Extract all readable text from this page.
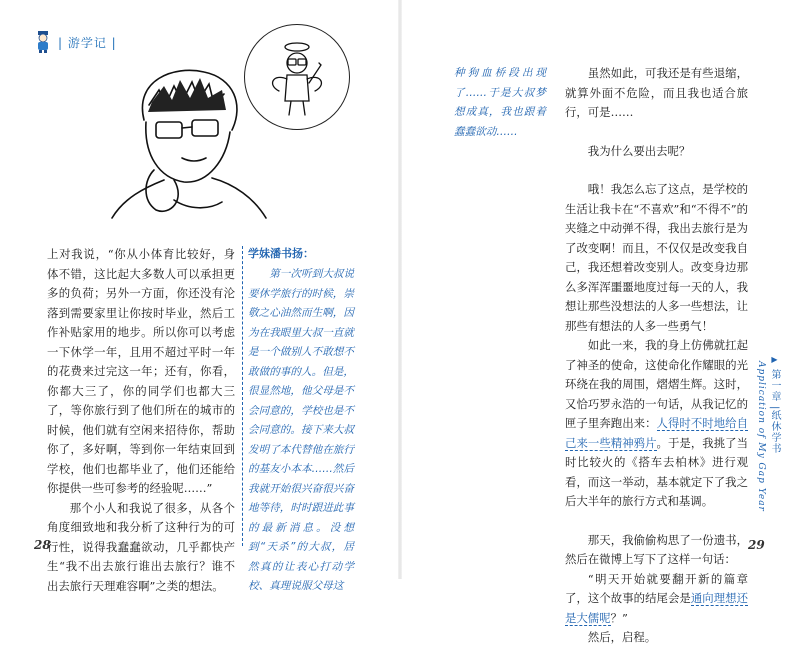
| 游学记 |

上对我说，“你从小体育比较好，身体不错，这比起大多数人可以承担更多的负荷；另外一方面，你还没有沦落到需要家里让你按时毕业，然后工作补贴家用的地步。所以你可以考虑一下休学一年，且用不超过平时一年的花费来过完这一年；还有，你看，你都大三了，你的同学们也都大三了，等你旅行到了他们所在的城市的时候，他们就有空闲来招待你，帮助你了，多好啊，等到你一年结束回到学校，他们也都毕业了，他们还能给你提供一些可参考的经验呢……”

那个小人和我说了很多，从各个角度细致地和我分析了这种行为的可行性，说得我蠢蠢欲动，几乎都快产生“我不出去旅行谁出去旅行？谁不出去旅行天理难容啊”之类的想法。

学妹潘书扬：

第一次听到大叔说要休学旅行的时候，崇敬之心油然而生啊，因为在我眼里大叔一直就是一个做别人不敢想不敢做的事的人。但是，很显然地，他父母是不会同意的，学校也是不会同意的。接下来大叔发明了本代替他在旅行的基友小本本……然后我就开始很兴奋很兴奋地等待，时时跟进此事的最新消息。没想到“天杀”的大叔，居然真的让表心打动学校、真理说服父母这

28
种狗血桥段出现了……于是大叔梦想成真，我也跟着蠢蠢欲动……

虽然如此，可我还是有些退缩，就算外面不危险，而且我也适合旅行，可是……

我为什么要出去呢？

哦！我怎么忘了这点，是学校的生活让我卡在“不喜欢”和“不得不”的夹缝之中动弹不得，我出去旅行是为了改变啊！而且，不仅仅是改变我自己，我还想着改变别人。改变身边那么多浑浑噩噩地度过每一天的人，我想让那些没想法的人多一些想法，让那些有想法的人多一些勇气！

如此一来，我的身上仿佛就扛起了神圣的使命，这使命化作耀眼的光环绕在我的周围，熠熠生辉。这时，又恰巧罗永浩的一句话，从我记忆的匣子里奔跑出来：人得时不时地给自己来一些精神鸦片。于是，我挑了当时比较火的《搭车去柏林》进行观看，而这一举动，基本就定下了我之后大半年的旅行方式和基调。

那天，我偷偷构思了一份遗书，然后在微博上写下了这样一句话：

“明天开始就要翻开新的篇章了，这个故事的结尾会是通向理想还是大儒呢？”

然后，启程。

▶ 第一章 |纸休学书 Application of My Gap Year
29
